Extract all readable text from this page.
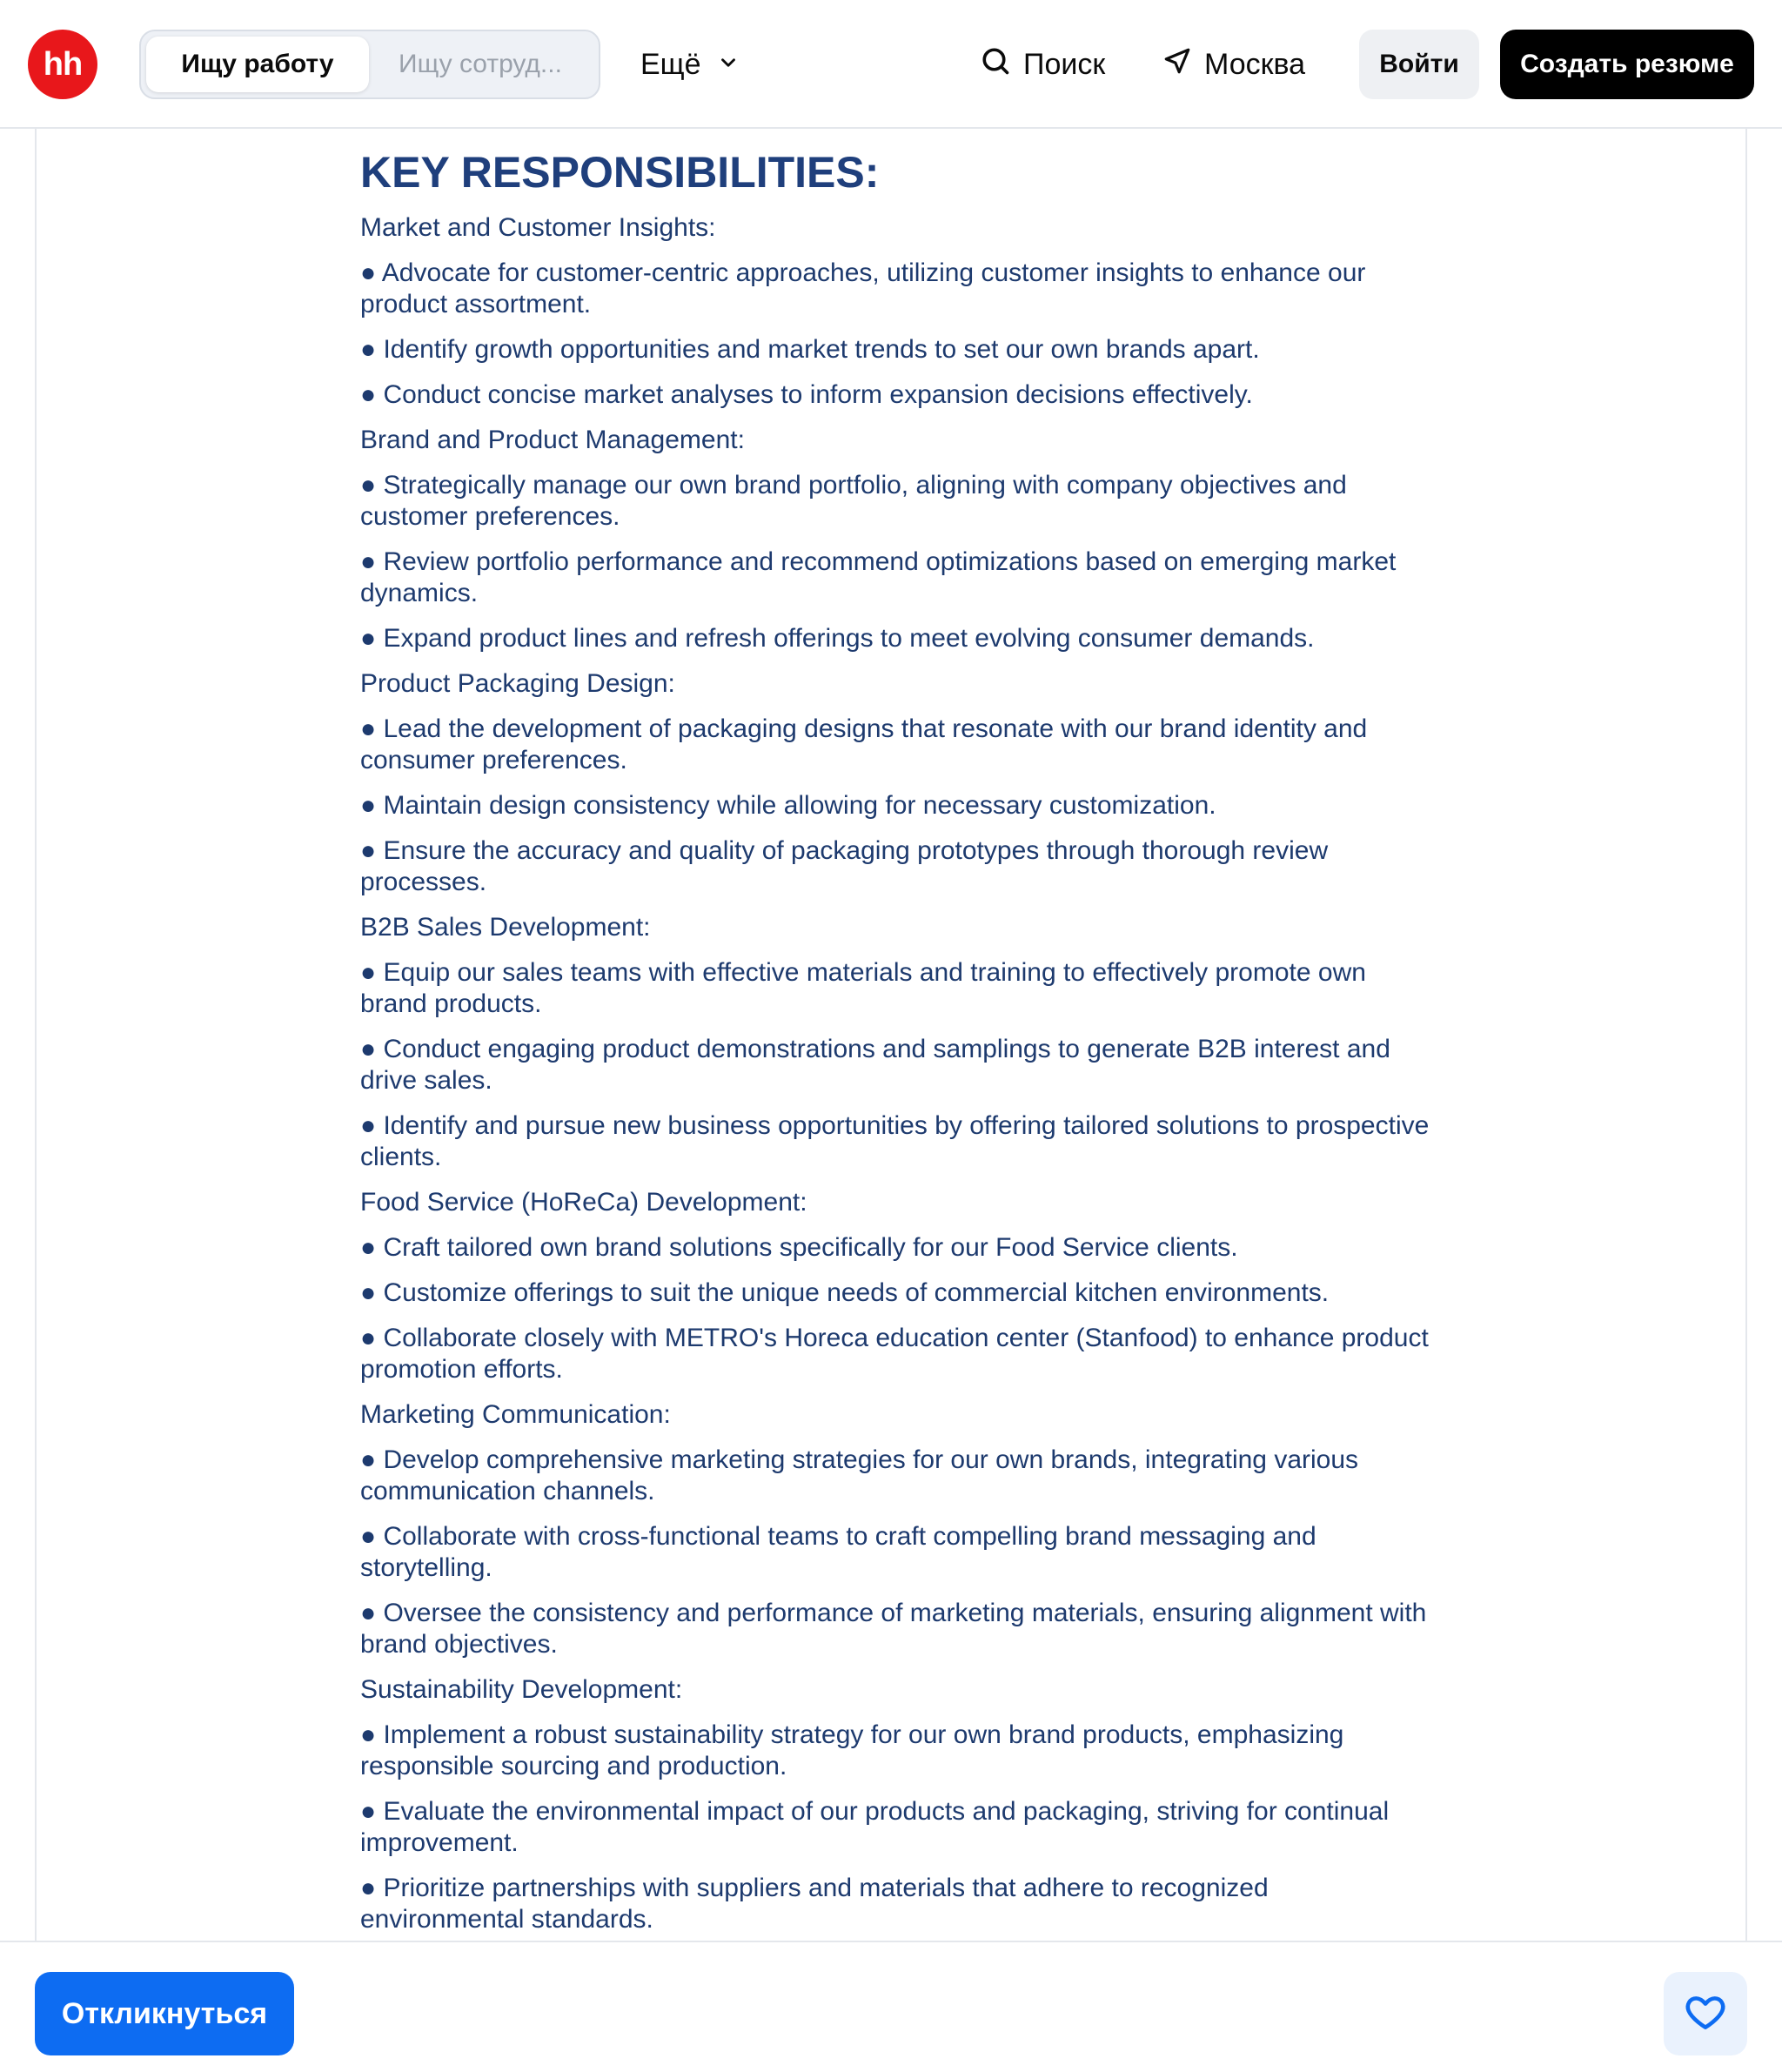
hh	Ищу работу Ищу сотруд...	Ещё	Поиск	Москва	Войти Создать резюме
KEY RESPONSIBILITIES:
Market and Customer Insights:
● Advocate for customer-centric approaches, utilizing customer insights to enhance our product assortment.
● Identify growth opportunities and market trends to set our own brands apart.
● Conduct concise market analyses to inform expansion decisions effectively.
Brand and Product Management:
● Strategically manage our own brand portfolio, aligning with company objectives and customer preferences.
● Review portfolio performance and recommend optimizations based on emerging market dynamics.
● Expand product lines and refresh offerings to meet evolving consumer demands.
Product Packaging Design:
● Lead the development of packaging designs that resonate with our brand identity and consumer preferences.
● Maintain design consistency while allowing for necessary customization.
● Ensure the accuracy and quality of packaging prototypes through thorough review processes.
B2B Sales Development:
● Equip our sales teams with effective materials and training to effectively promote own brand products.
● Conduct engaging product demonstrations and samplings to generate B2B interest and drive sales.
● Identify and pursue new business opportunities by offering tailored solutions to prospective clients.
Food Service (HoReCa) Development:
● Craft tailored own brand solutions specifically for our Food Service clients.
● Customize offerings to suit the unique needs of commercial kitchen environments.
● Collaborate closely with METRO's Horeca education center (Stanfood) to enhance product promotion efforts.
Marketing Communication:
● Develop comprehensive marketing strategies for our own brands, integrating various communication channels.
● Collaborate with cross-functional teams to craft compelling brand messaging and storytelling.
● Oversee the consistency and performance of marketing materials, ensuring alignment with brand objectives.
Sustainability Development:
● Implement a robust sustainability strategy for our own brand products, emphasizing responsible sourcing and production.
● Evaluate the environmental impact of our products and packaging, striving for continual improvement.
● Prioritize partnerships with suppliers and materials that adhere to recognized environmental standards.
Откликнуться
